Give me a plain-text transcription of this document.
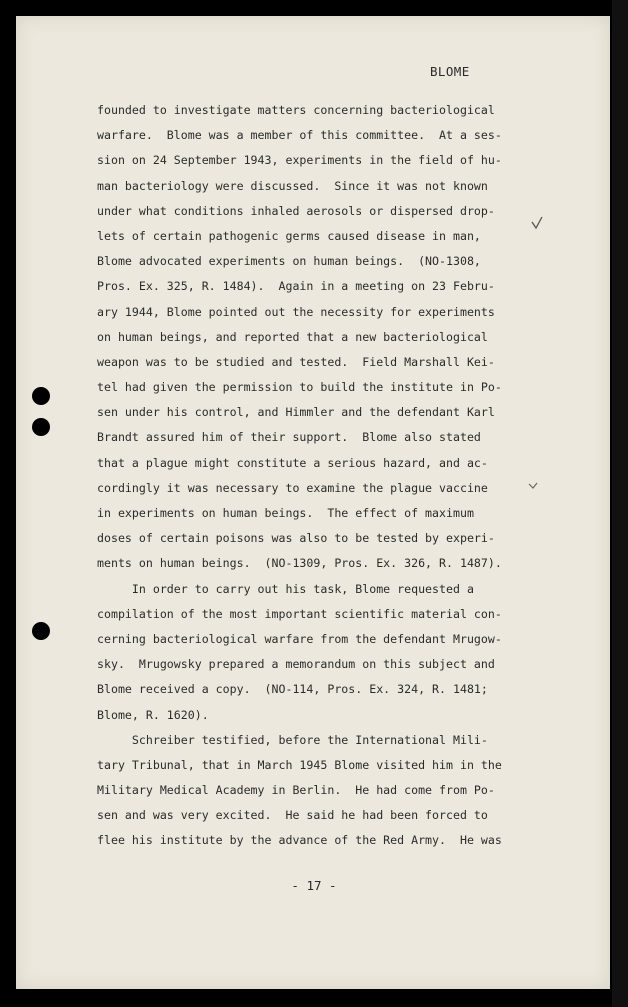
BLOME
founded to investigate matters concerning bacteriological
warfare.  Blome was a member of this committee.  At a ses-
sion on 24 September 1943, experiments in the field of hu-
man bacteriology were discussed.  Since it was not known
under what conditions inhaled aerosols or dispersed drop-
lets of certain pathogenic germs caused disease in man,
Blome advocated experiments on human beings.  (NO-1308,
Pros. Ex. 325, R. 1484).  Again in a meeting on 23 Febru-
ary 1944, Blome pointed out the necessity for experiments
on human beings, and reported that a new bacteriological
weapon was to be studied and tested.  Field Marshall Kei-
tel had given the permission to build the institute in Po-
sen under his control, and Himmler and the defendant Karl
Brandt assured him of their support.  Blome also stated
that a plague might constitute a serious hazard, and ac-
cordingly it was necessary to examine the plague vaccine
in experiments on human beings.  The effect of maximum
doses of certain poisons was also to be tested by experi-
ments on human beings.  (NO-1309, Pros. Ex. 326, R. 1487).
In order to carry out his task, Blome requested a
compilation of the most important scientific material con-
cerning bacteriological warfare from the defendant Mrugow-
sky.  Mrugowsky prepared a memorandum on this subject and
Blome received a copy.  (NO-114, Pros. Ex. 324, R. 1481;
Blome, R. 1620).
Schreiber testified, before the International Mili-
tary Tribunal, that in March 1945 Blome visited him in the
Military Medical Academy in Berlin.  He had come from Po-
sen and was very excited.  He said he had been forced to
flee his institute by the advance of the Red Army.  He was
- 17 -
